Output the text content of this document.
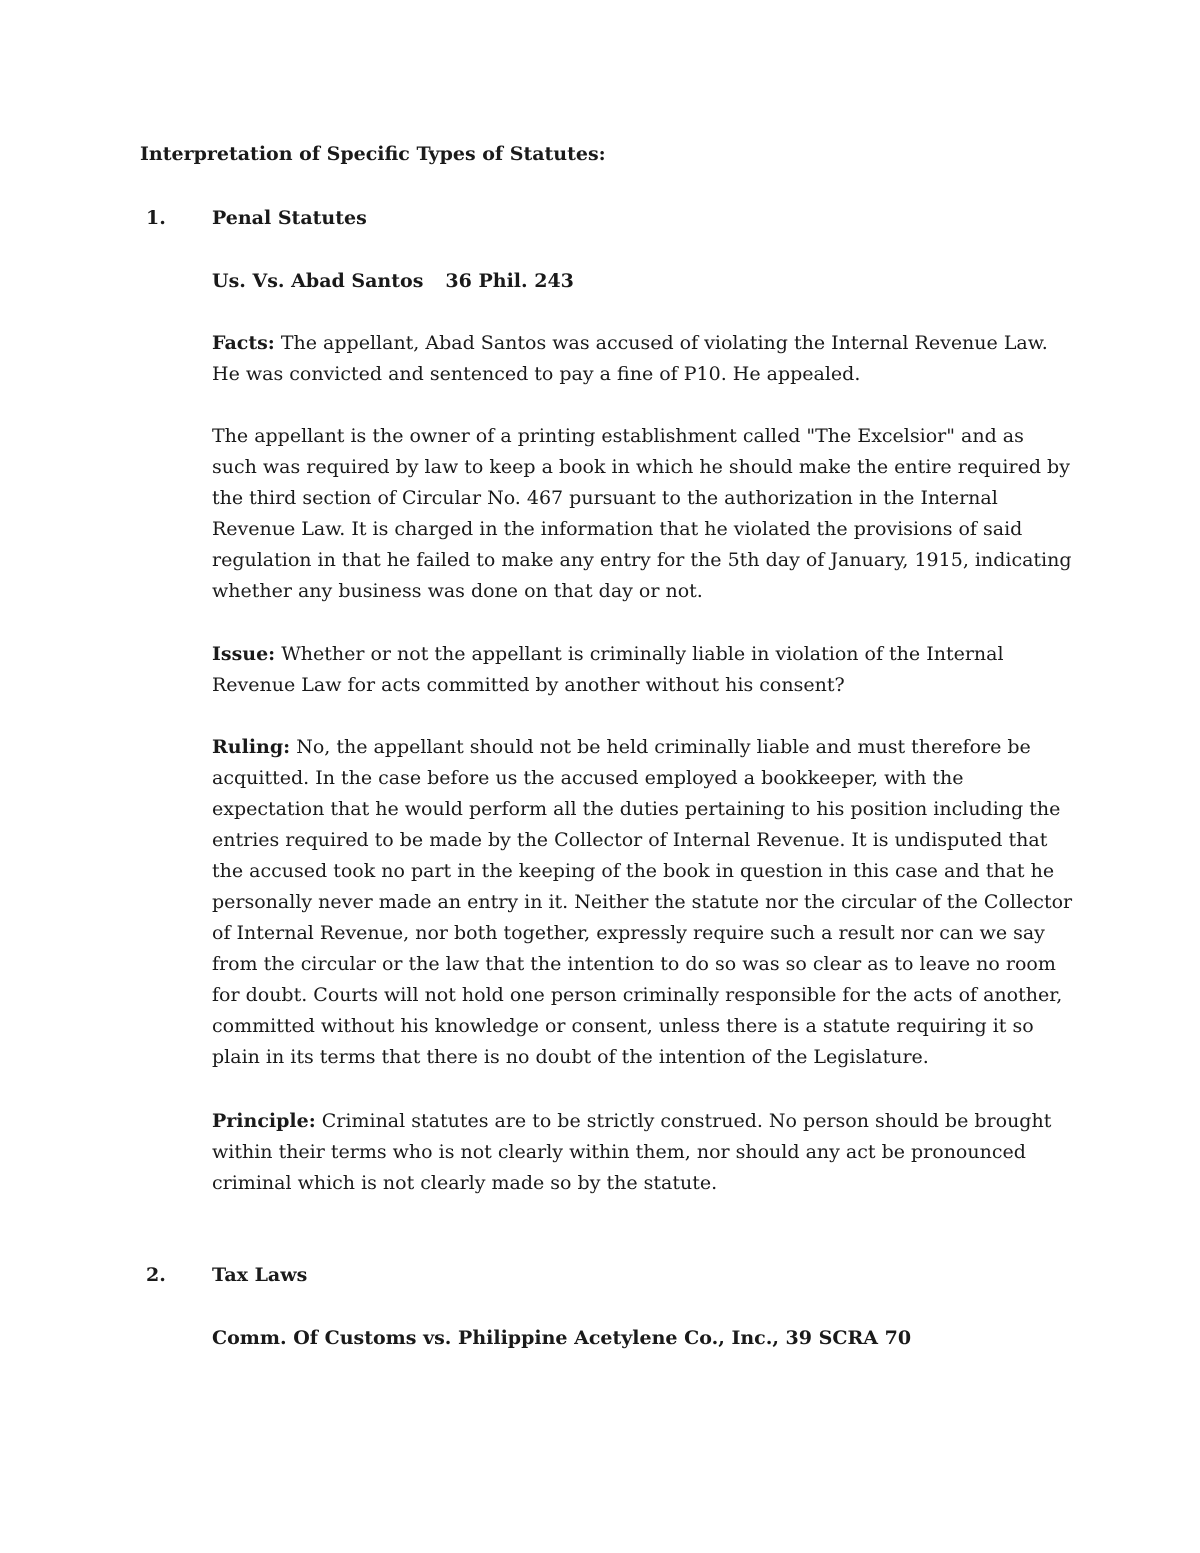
Interpretation of Specific Types of Statutes:
1. Penal Statutes
Us. Vs. Abad Santos 36 Phil. 243
Facts: The appellant, Abad Santos was accused of violating the Internal Revenue Law. He was convicted and sentenced to pay a fine of P10. He appealed.
The appellant is the owner of a printing establishment called "The Excelsior" and as such was required by law to keep a book in which he should make the entire required by the third section of Circular No. 467 pursuant to the authorization in the Internal Revenue Law. It is charged in the information that he violated the provisions of said regulation in that he failed to make any entry for the 5th day of January, 1915, indicating whether any business was done on that day or not.
Issue: Whether or not the appellant is criminally liable in violation of the Internal Revenue Law for acts committed by another without his consent?
Ruling: No, the appellant should not be held criminally liable and must therefore be acquitted. In the case before us the accused employed a bookkeeper, with the expectation that he would perform all the duties pertaining to his position including the entries required to be made by the Collector of Internal Revenue. It is undisputed that the accused took no part in the keeping of the book in question in this case and that he personally never made an entry in it. Neither the statute nor the circular of the Collector of Internal Revenue, nor both together, expressly require such a result nor can we say from the circular or the law that the intention to do so was so clear as to leave no room for doubt. Courts will not hold one person criminally responsible for the acts of another, committed without his knowledge or consent, unless there is a statute requiring it so plain in its terms that there is no doubt of the intention of the Legislature.
Principle: Criminal statutes are to be strictly construed. No person should be brought within their terms who is not clearly within them, nor should any act be pronounced criminal which is not clearly made so by the statute.
2. Tax Laws
Comm. Of Customs vs. Philippine Acetylene Co., Inc., 39 SCRA 70
